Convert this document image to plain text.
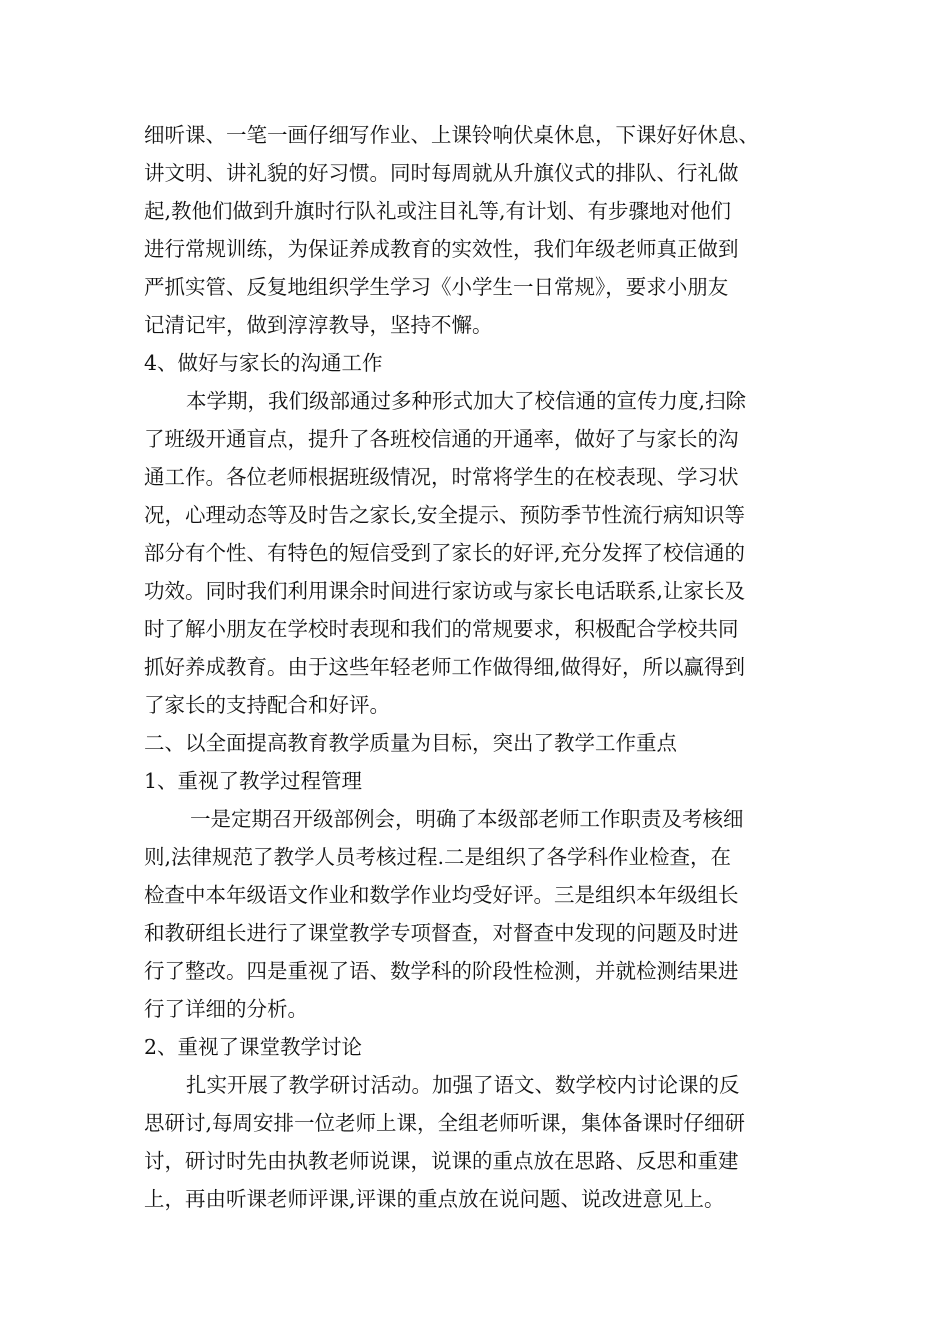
细听课、一笔一画仔细写作业、上课铃响伏桌休息，下课好好休息、
讲文明、讲礼貌的好习惯。同时每周就从升旗仪式的排队、行礼做
起,教他们做到升旗时行队礼或注目礼等,有计划、有步骤地对他们
进行常规训练，为保证养成教育的实效性，我们年级老师真正做到
严抓实管、反复地组织学生学习《小学生一日常规》，要求小朋友
记清记牢，做到淳淳教导，坚持不懈。
4、做好与家长的沟通工作
本学期，我们级部通过多种形式加大了校信通的宣传力度,扫除
了班级开通盲点，提升了各班校信通的开通率，做好了与家长的沟
通工作。各位老师根据班级情况，时常将学生的在校表现、学习状
况，心理动态等及时告之家长,安全提示、预防季节性流行病知识等
部分有个性、有特色的短信受到了家长的好评,充分发挥了校信通的
功效。同时我们利用课余时间进行家访或与家长电话联系,让家长及
时了解小朋友在学校时表现和我们的常规要求，积极配合学校共同
抓好养成教育。由于这些年轻老师工作做得细,做得好，所以赢得到
了家长的支持配合和好评。
二、以全面提高教育教学质量为目标，突出了教学工作重点
1、重视了教学过程管理
一是定期召开级部例会，明确了本级部老师工作职责及考核细
则,法律规范了教学人员考核过程.二是组织了各学科作业检查，在
检查中本年级语文作业和数学作业均受好评。三是组织本年级组长
和教研组长进行了课堂教学专项督查，对督查中发现的问题及时进
行了整改。四是重视了语、数学科的阶段性检测，并就检测结果进
行了详细的分析。
2、重视了课堂教学讨论
扎实开展了教学研讨活动。加强了语文、数学校内讨论课的反
思研讨,每周安排一位老师上课，全组老师听课，集体备课时仔细研
讨，研讨时先由执教老师说课，说课的重点放在思路、反思和重建
上，再由听课老师评课,评课的重点放在说问题、说改进意见上。
